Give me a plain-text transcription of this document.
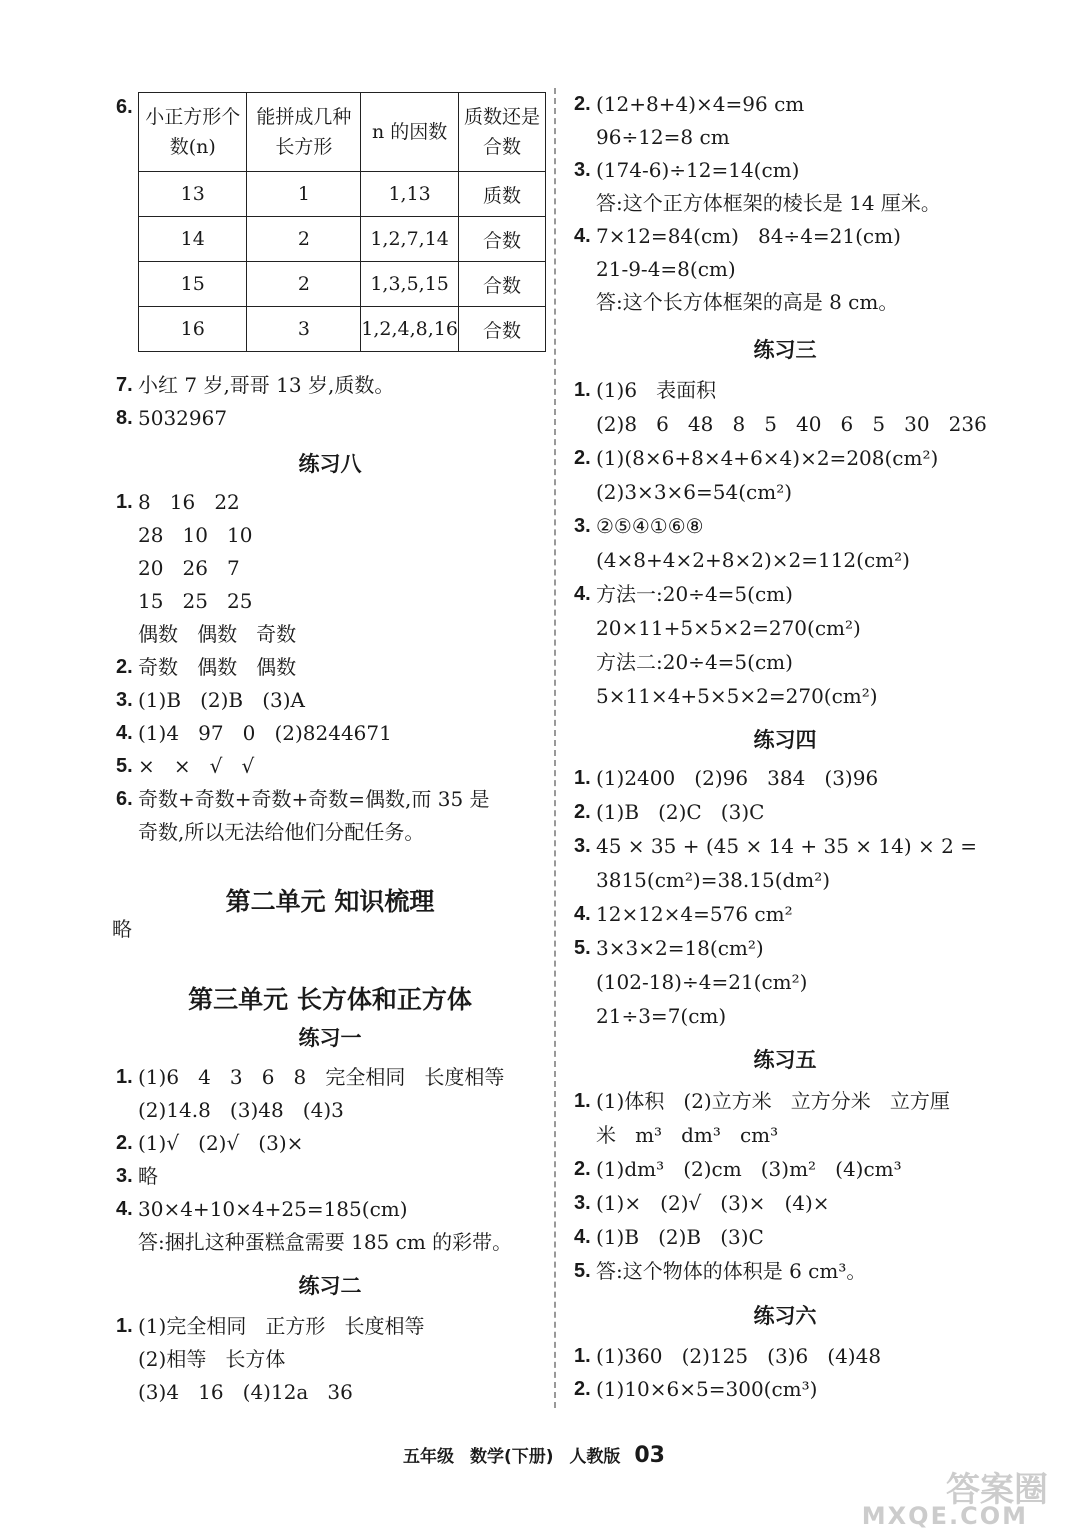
6. 小正方形个数(n)	能拼成几种长方形	n 的因数	质数还是合数
13	1	1,13	质数
14	2	1,2,7,14	合数
15	2	1,3,5,15	合数
16	3	1,2,4,8,16	合数
7. 小红 7 岁,哥哥 13 岁,质数。
8. 5032967
练习八
1. 8   16   22
28   10   10
20   26   7
15   25   25
偶数   偶数   奇数
2. 奇数   偶数   偶数
3. (1)B   (2)B   (3)A
4. (1)4   97   0   (2)8244671
5. ×   ×   √   √
6. 奇数+奇数+奇数+奇数=偶数,而 35 是
奇数,所以无法给他们分配任务。
第二单元 知识梳理
略
第三单元 长方体和正方体
练习一
1. (1)6   4   3   6   8   完全相同   长度相等
(2)14.8   (3)48   (4)3
2. (1)√   (2)√   (3)×
3. 略
4. 30×4+10×4+25=185(cm)
答:捆扎这种蛋糕盒需要 185 cm 的彩带。
练习二
1. (1)完全相同   正方形   长度相等
(2)相等   长方体
(3)4   16   (4)12a   36
2. (12+8+4)×4=96 cm
96÷12=8 cm
3. (174-6)÷12=14(cm)
答:这个正方体框架的棱长是 14 厘米。
4. 7×12=84(cm)   84÷4=21(cm)
21-9-4=8(cm)
答:这个长方体框架的高是 8 cm。
练习三
1. (1)6   表面积
(2)8   6   48   8   5   40   6   5   30   236
2. (1)(8×6+8×4+6×4)×2=208(cm²)
(2)3×3×6=54(cm²)
3. ②⑤④①⑥⑧
(4×8+4×2+8×2)×2=112(cm²)
4. 方法一:20÷4=5(cm)
20×11+5×5×2=270(cm²)
方法二:20÷4=5(cm)
5×11×4+5×5×2=270(cm²)
练习四
1. (1)2400   (2)96   384   (3)96
2. (1)B   (2)C   (3)C
3. 45 × 35 + (45 × 14 + 35 × 14) × 2 =
3815(cm²)=38.15(dm²)
4. 12×12×4=576 cm²
5. 3×3×2=18(cm²)
(102-18)÷4=21(cm²)
21÷3=7(cm)
练习五
1. (1)体积   (2)立方米   立方分米   立方厘
米   m³   dm³   cm³
2. (1)dm³   (2)cm   (3)m²   (4)cm³
3. (1)×   (2)√   (3)×   (4)×
4. (1)B   (2)B   (3)C
5. 答:这个物体的体积是 6 cm³。
练习六
1. (1)360   (2)125   (3)6   (4)48
2. (1)10×6×5=300(cm³)
五年级 数学(下册) 人教版 03
答案圈
MXQE.COM
